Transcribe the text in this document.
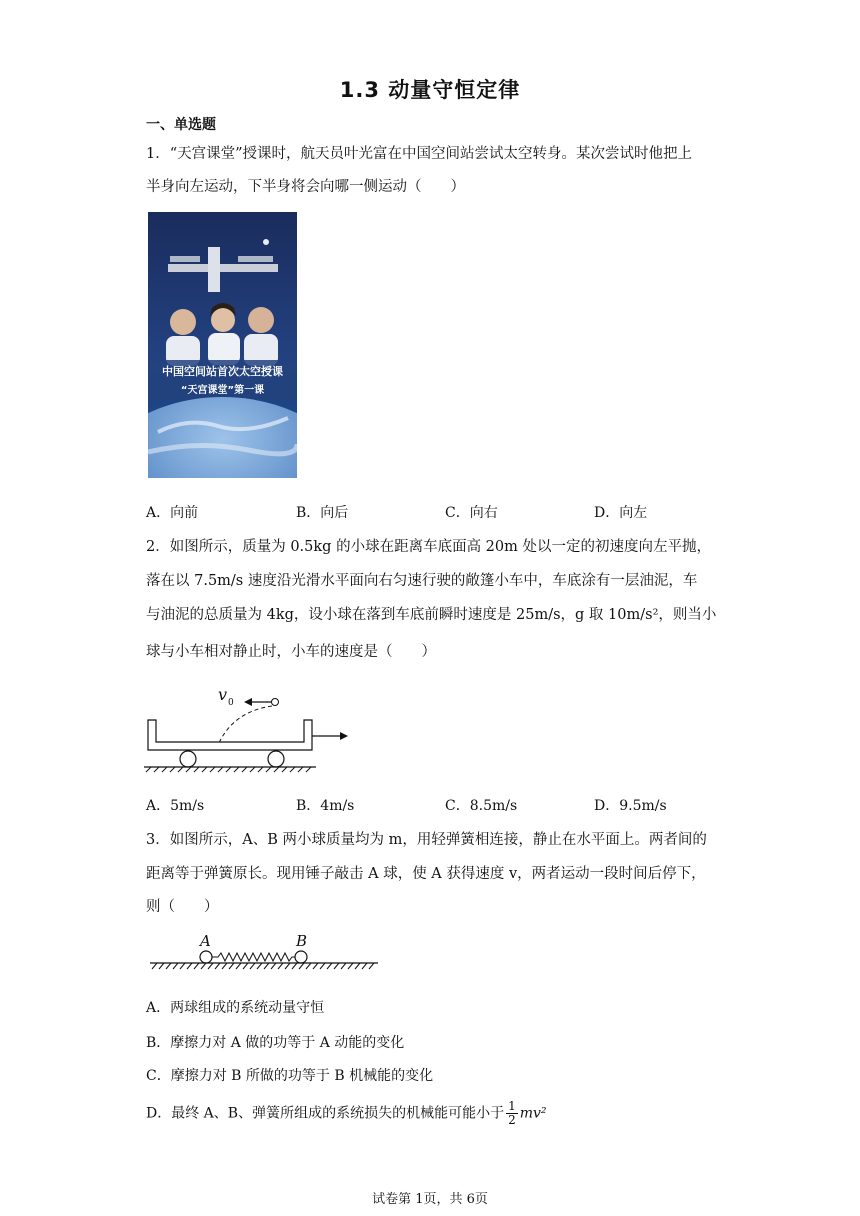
1.3 动量守恒定律
一、单选题
1．“天宫课堂”授课时，航天员叶光富在中国空间站尝试太空转身。某次尝试时他把上
半身向左运动，下半身将会向哪一侧运动（　　）
中国空间站首次太空授课
“天宫课堂”第一课
A．向前	B．向后	C．向右	D．向左
2．如图所示，质量为 0.5kg 的小球在距离车底面高 20m 处以一定的初速度向左平抛，
落在以 7.5m/s 速度沿光滑水平面向右匀速行驶的敞篷小车中，车底涂有一层油泥，车
与油泥的总质量为 4kg，设小球在落到车底前瞬时速度是 25m/s，g 取 10m/s²，则当小
球与小车相对静止时，小车的速度是（　　）
v 0
A．5m/s	B．4m/s	C．8.5m/s	D．9.5m/s
3．如图所示，A、B 两小球质量均为 m，用轻弹簧相连接，静止在水平面上。两者间的
距离等于弹簧原长。现用锤子敲击 A 球，使 A 获得速度 v，两者运动一段时间后停下，
则（　　）
A	B
A．两球组成的系统动量守恒
B．摩擦力对 A 做的功等于 A 动能的变化
C．摩擦力对 B 所做的功等于 B 机械能的变化
D．最终 A、B、弹簧所组成的系统损失的机械能可能小于 $\frac{1}{2} mv^2$
试卷第 1页，共 6页
